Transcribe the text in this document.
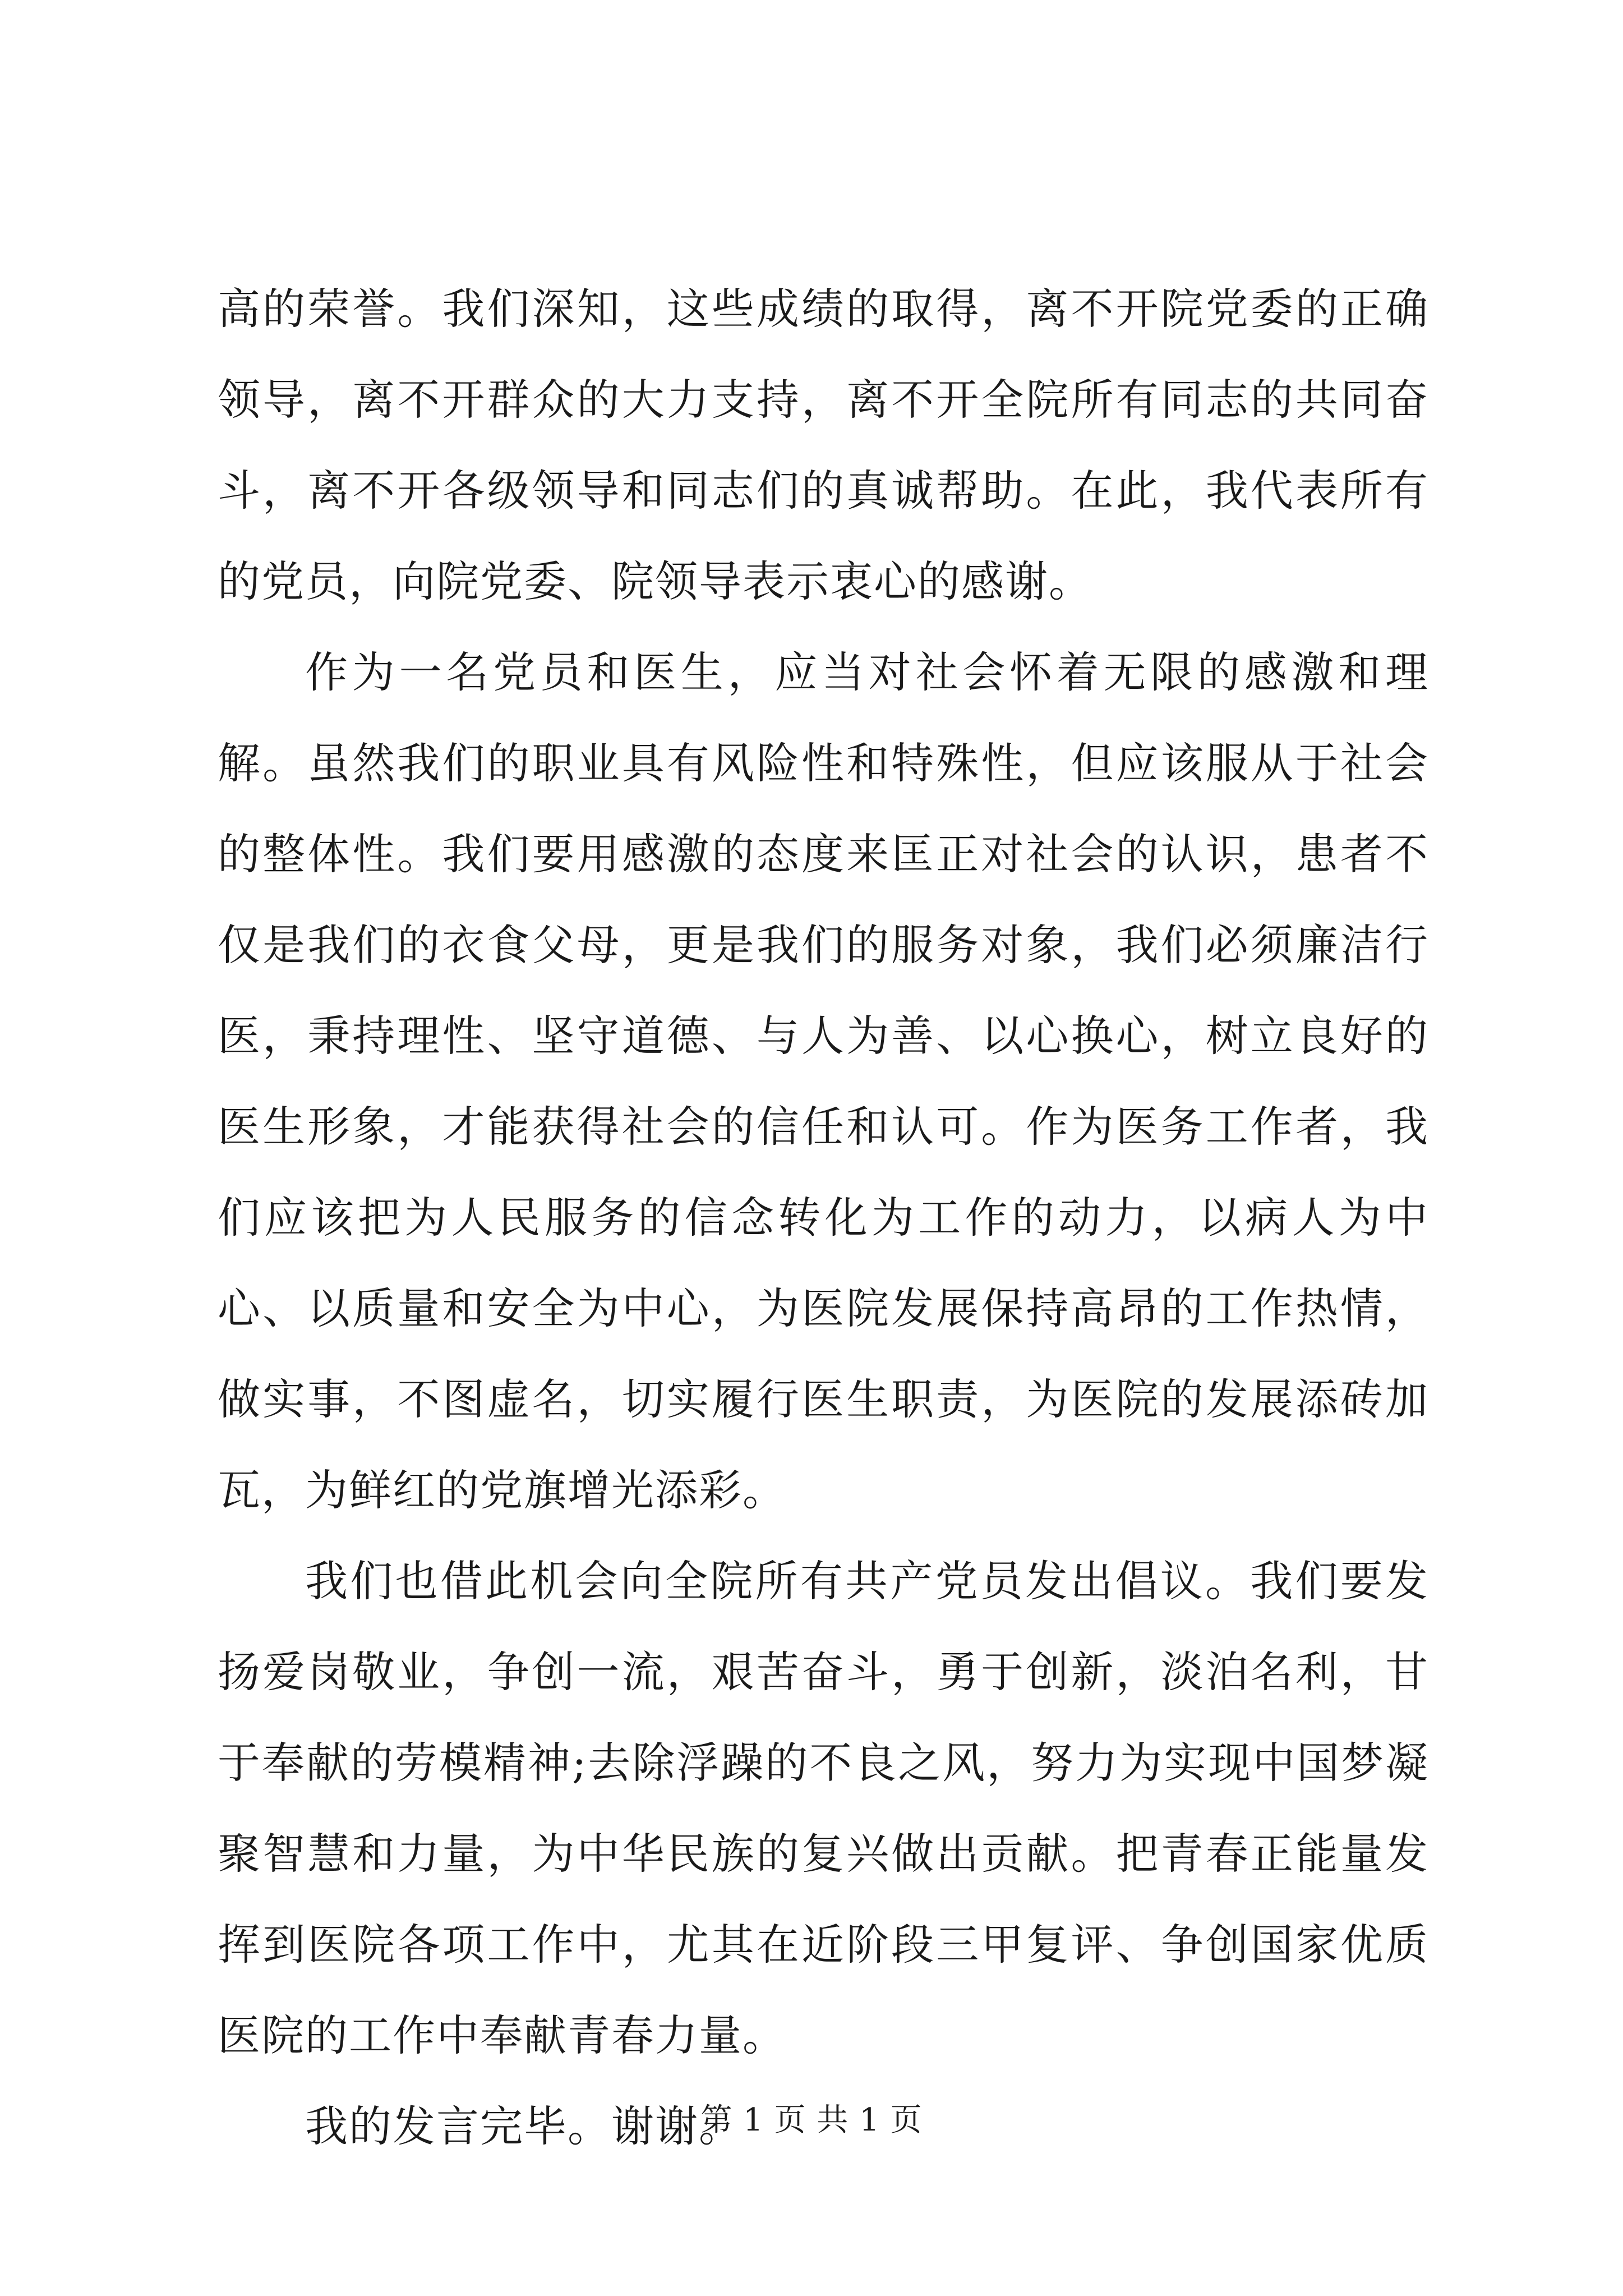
高的荣誉。我们深知，这些成绩的取得，离不开院党委的正确领导，离不开群众的大力支持，离不开全院所有同志的共同奋斗，离不开各级领导和同志们的真诚帮助。在此，我代表所有的党员，向院党委、院领导表示衷心的感谢。

作为一名党员和医生，应当对社会怀着无限的感激和理解。虽然我们的职业具有风险性和特殊性，但应该服从于社会的整体性。我们要用感激的态度来匡正对社会的认识，患者不仅是我们的衣食父母，更是我们的服务对象，我们必须廉洁行医，秉持理性、坚守道德、与人为善、以心换心，树立良好的医生形象，才能获得社会的信任和认可。作为医务工作者，我们应该把为人民服务的信念转化为工作的动力，以病人为中心、以质量和安全为中心，为医院发展保持高昂的工作热情，做实事，不图虚名，切实履行医生职责，为医院的发展添砖加瓦，为鲜红的党旗增光添彩。

我们也借此机会向全院所有共产党员发出倡议。我们要发扬爱岗敬业，争创一流，艰苦奋斗，勇于创新，淡泊名利，甘于奉献的劳模精神;去除浮躁的不良之风，努力为实现中国梦凝聚智慧和力量，为中华民族的复兴做出贡献。把青春正能量发挥到医院各项工作中，尤其在近阶段三甲复评、争创国家优质医院的工作中奉献青春力量。

我的发言完毕。谢谢。

第 1 页 共 1 页
